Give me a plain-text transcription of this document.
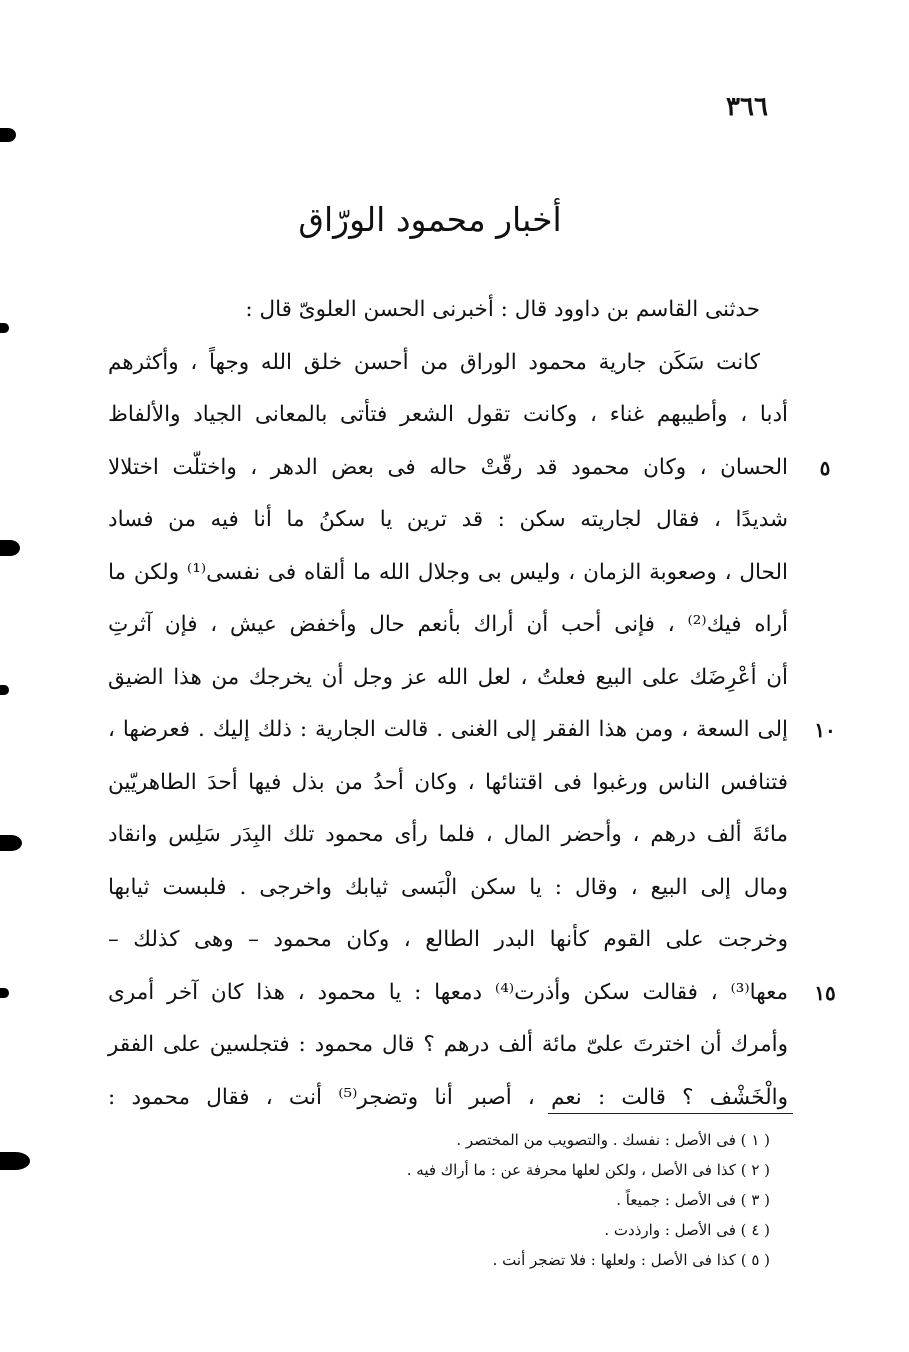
٣٦٦
أخبار محمود الورّاق
حدثنى القاسم بن داوود قال : أخبرنى الحسن العلوىّ قال :
كانت سَكَن جارية محمود الوراق من أحسن خلق الله وجهاً ، وأكثرهم
أدبا ، وأطيبهم غناء ، وكانت تقول الشعر فتأتى بالمعانى الجياد والألفاظ
الحسان ، وكان محمود قد رقّتْ حاله فى بعض الدهر ، واختلّت اختلالا
شديدًا ، فقال لجاريته سكن : قد ترين يا سكنُ ما أنا فيه من فساد
الحال ، وصعوبة الزمان ، وليس بى وجلال الله ما ألقاه فى نفسى⁽¹⁾ ولكن ما
أراه فيك⁽²⁾ ، فإنى أحب أن أراك بأنعم حال وأخفض عيش ، فإن آثرتِ
أن أعْرِضَك على البيع فعلتُ ، لعل الله عز وجل أن يخرجك من هذا الضيق
إلى السعة ، ومن هذا الفقر إلى الغنى . قالت الجارية : ذلك إليك . فعرضها ،
فتنافس الناس ورغبوا فى اقتنائها ، وكان أحدُ من بذل فيها أحدَ الطاهريّين
مائةَ ألف درهم ، وأحضر المال ، فلما رأى محمود تلك البِدَر سَلِس وانقاد
ومال إلى البيع ، وقال : يا سكن الْبَسى ثيابك واخرجى . فلبست ثيابها
وخرجت على القوم كأنها البدر الطالع ، وكان محمود – وهى كذلك –
معها⁽³⁾ ، فقالت سكن وأذرت⁽⁴⁾ دمعها : يا محمود ، هذا كان آخر أمرى
وأمرك أن اخترتَ علىّ مائة ألف درهم ؟ قال محمود : فتجلسين على الفقر
والْخَشْف ؟ قالت : نعم ، أصبر أنا وتضجر⁽⁵⁾ أنت ، فقال محمود :
٥
١٠
١٥
( ١ ) فى الأصل : نفسك . والتصويب من المختصر .
( ٢ ) كذا فى الأصل ، ولكن لعلها محرفة عن : ما أراك فيه .
( ٣ ) فى الأصل : جميعاً .
( ٤ ) فى الأصل : وارذدت .
( ٥ ) كذا فى الأصل : ولعلها : فلا تضجر أنت .
